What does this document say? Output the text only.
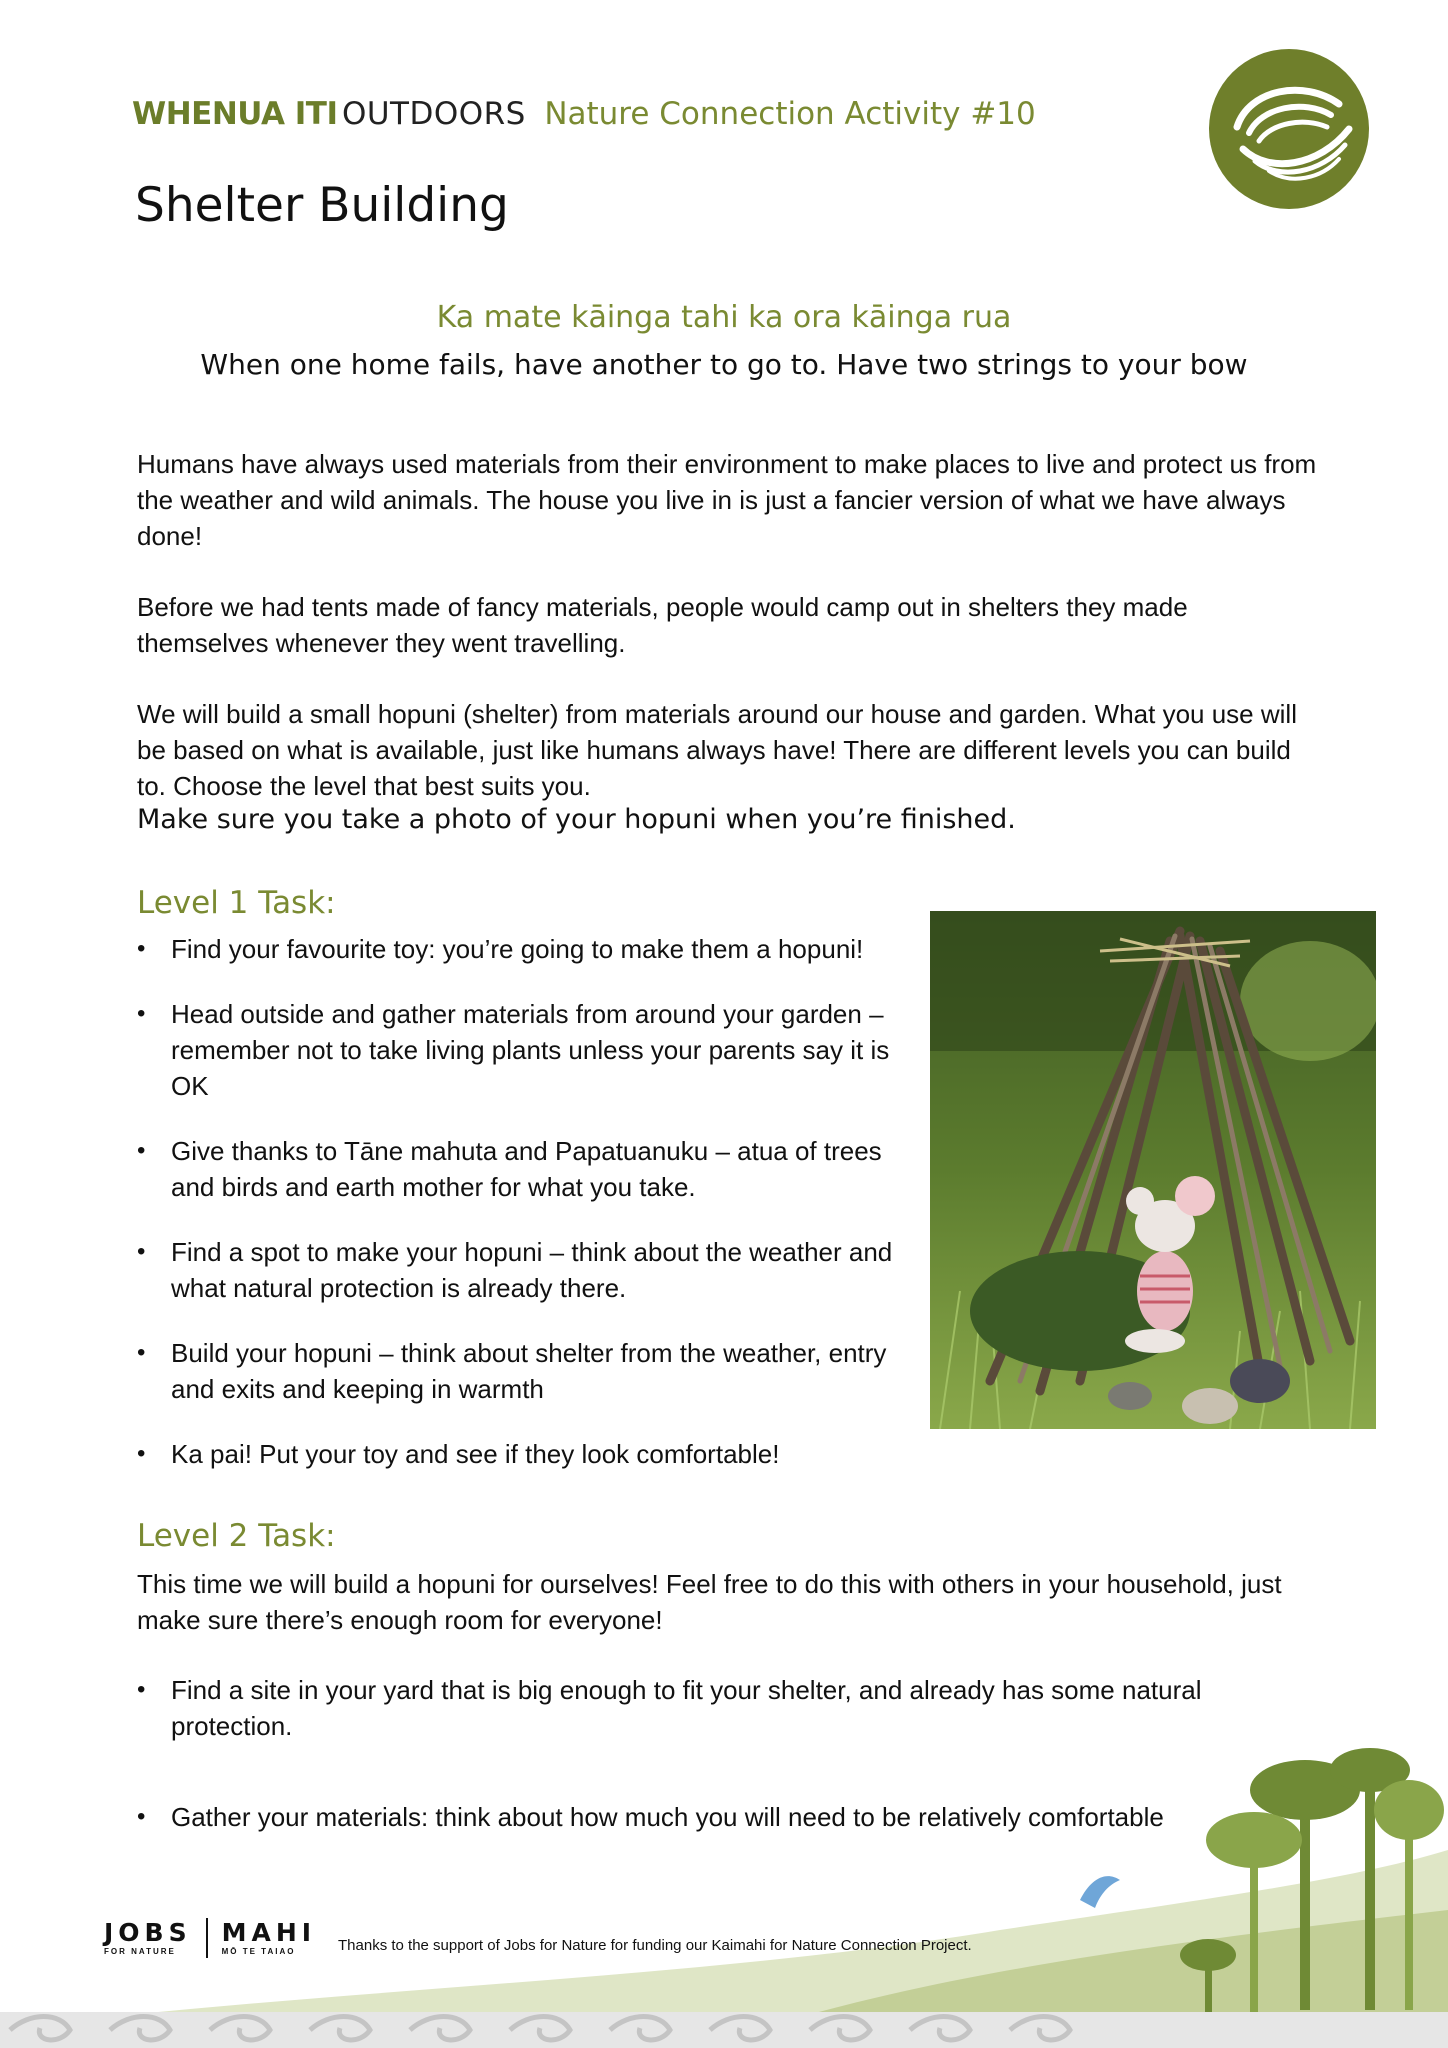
WHENUA ITI OUTDOORS Nature Connection Activity #10
Shelter Building
Ka mate kāinga tahi ka ora kāinga rua
When one home fails, have another to go to. Have two strings to your bow
Humans have always used materials from their environment to make places to live and protect us from the weather and wild animals. The house you live in is just a fancier version of what we have always done!
Before we had tents made of fancy materials, people would camp out in shelters they made themselves whenever they went travelling.
We will build a small hopuni (shelter) from materials around our house and garden. What you use will be based on what is available, just like humans always have! There are different levels you can build to. Choose the level that best suits you.
Make sure you take a photo of your hopuni when you’re finished.
Level 1 Task:
• Find your favourite toy: you’re going to make them a hopuni!
• Head outside and gather materials from around your garden – remember not to take living plants unless your parents say it is OK
• Give thanks to Tāne mahuta and Papatuanuku – atua of trees and birds and earth mother for what you take.
• Find a spot to make your hopuni – think about the weather and what natural protection is already there.
• Build your hopuni – think about shelter from the weather, entry and exits and keeping in warmth
• Ka pai! Put your toy and see if they look comfortable!
Level 2 Task:
This time we will build a hopuni for ourselves! Feel free to do this with others in your household, just make sure there’s enough room for everyone!
• Find a site in your yard that is big enough to fit your shelter, and already has some natural protection.
• Gather your materials: think about how much you will need to be relatively comfortable
JOBS
FOR NATURE
MAHI
MŌ TE TAIAO	Thanks to the support of Jobs for Nature for funding our Kaimahi for Nature Connection Project.
